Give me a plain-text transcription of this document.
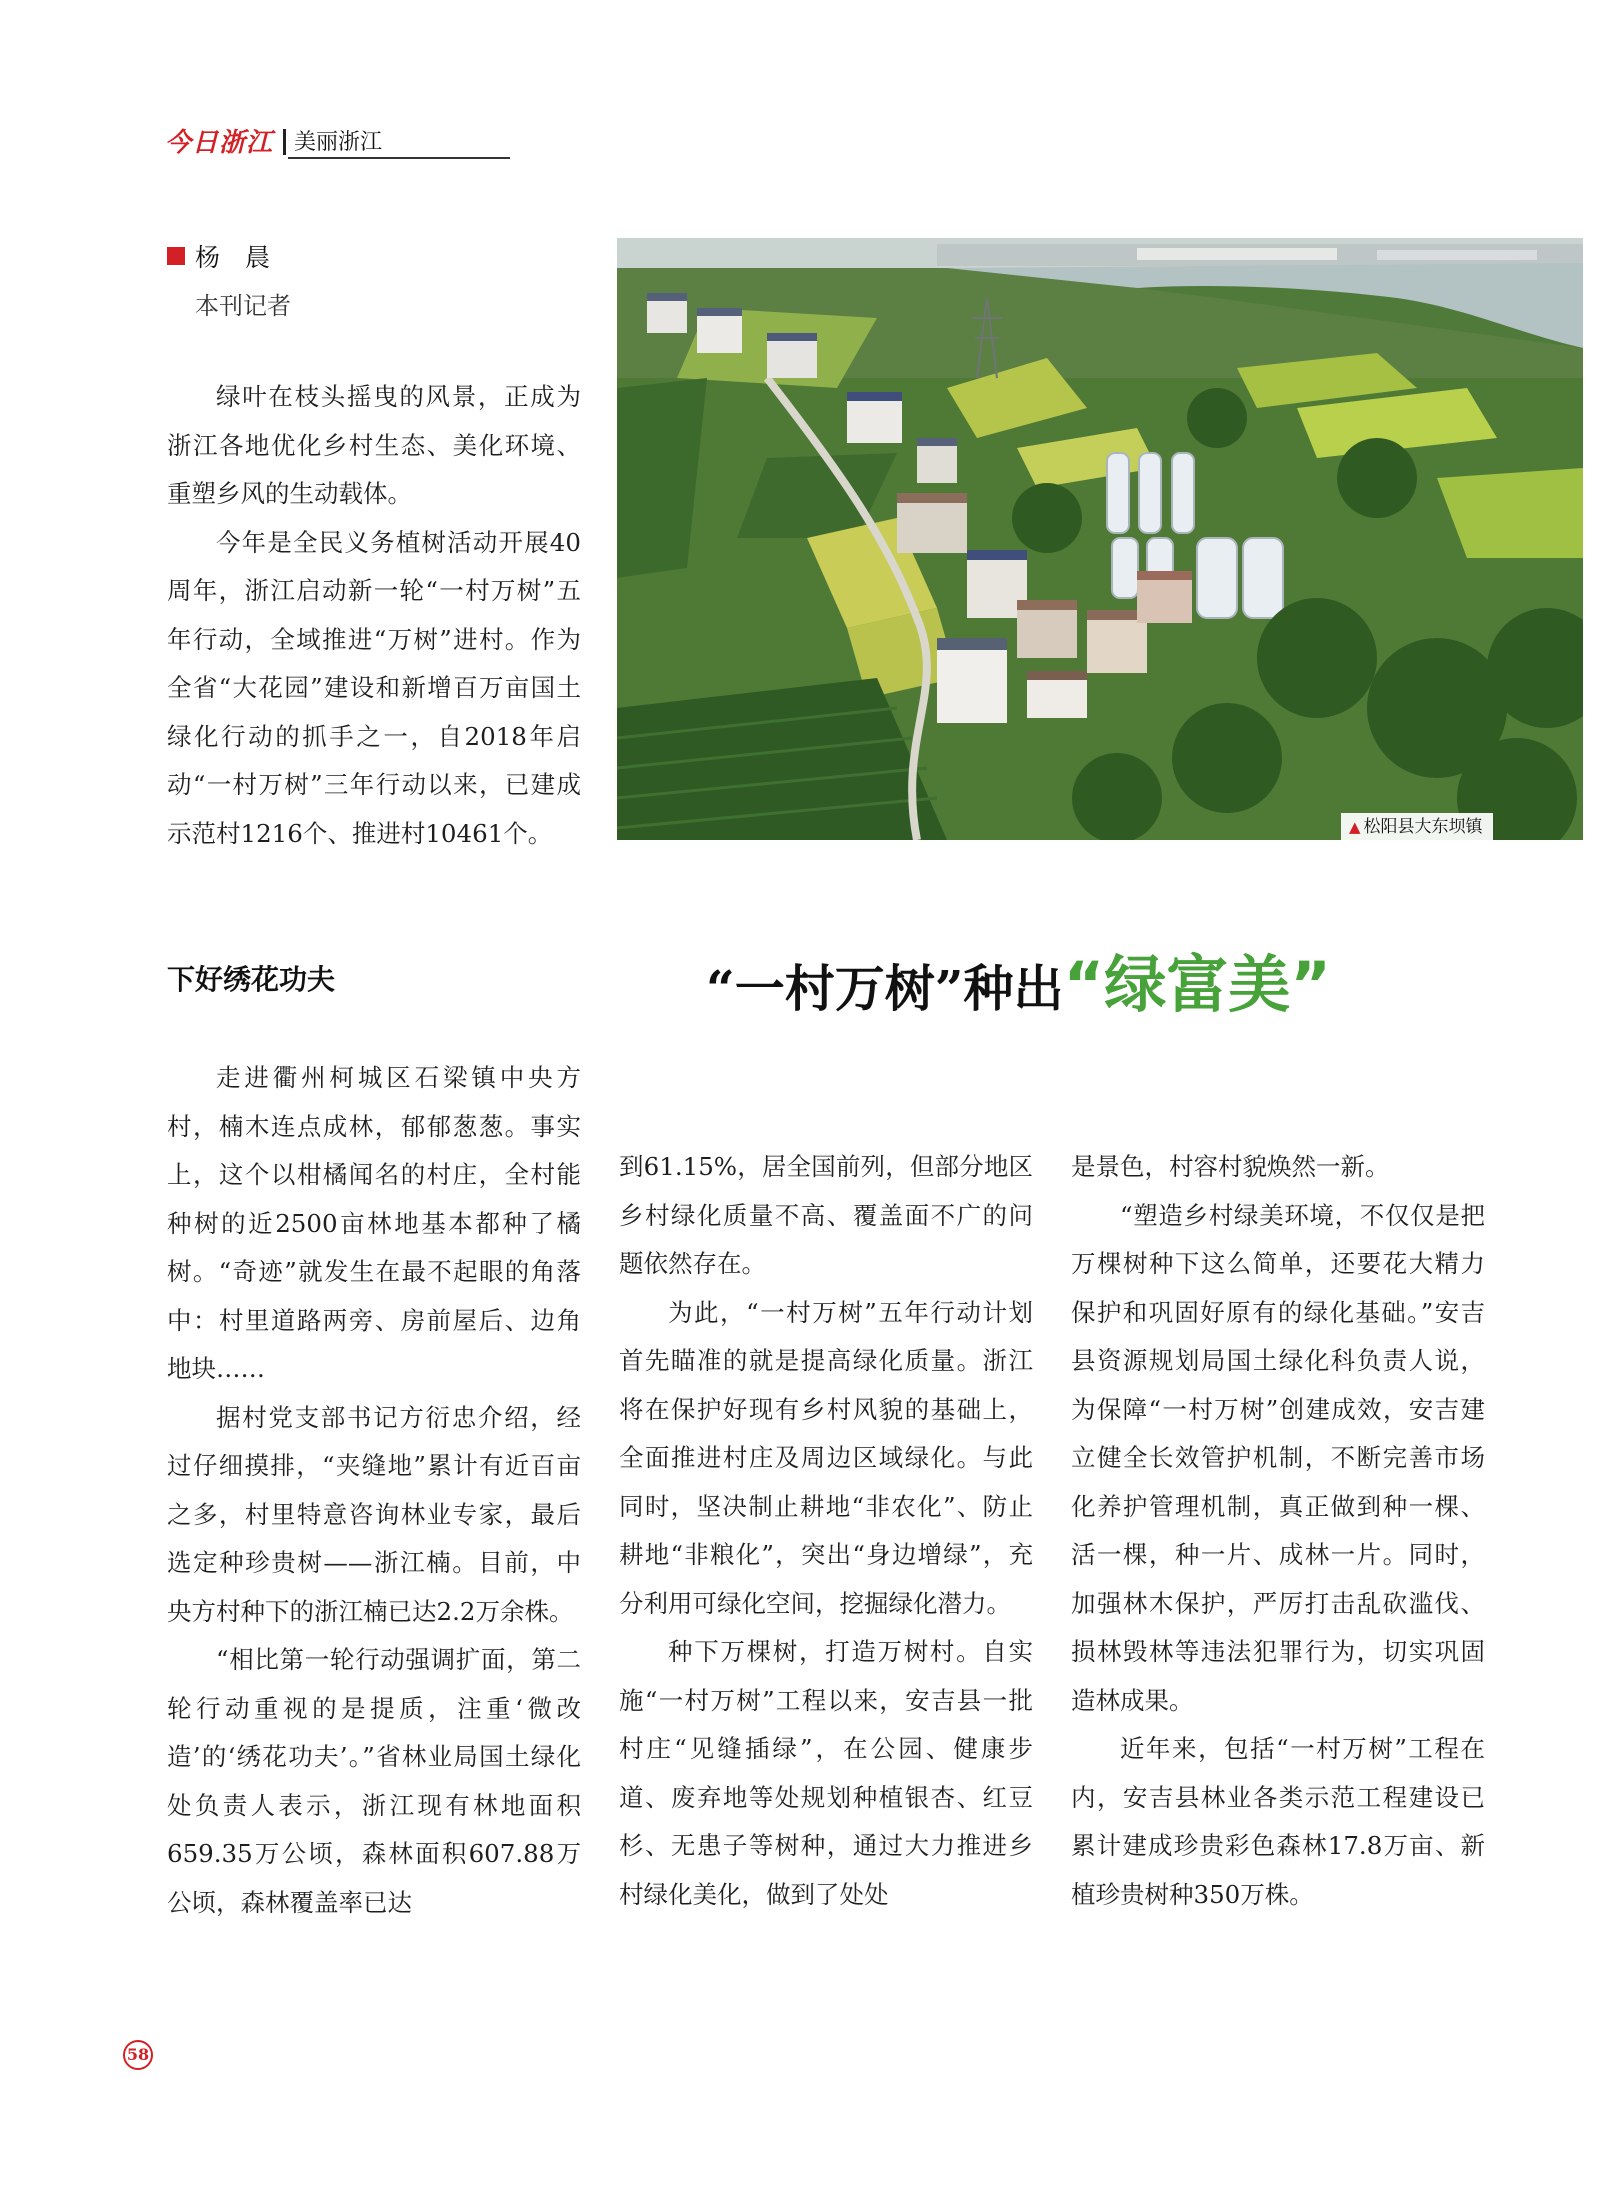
今日浙江 美丽浙江
杨　晨
本刊记者

绿叶在枝头摇曳的风景，正成为浙江各地优化乡村生态、美化环境、重塑乡风的生动载体。

今年是全民义务植树活动开展40周年，浙江启动新一轮“一村万树”五年行动，全域推进“万树”进村。作为全省“大花园”建设和新增百万亩国土绿化行动的抓手之一，自2018年启动“一村万树”三年行动以来，已建成示范村1216个、推进村10461个。	▲ 松阳县大东坝镇
下好绣花功夫	“一村万树”种出“绿富美”

走进衢州柯城区石梁镇中央方村，楠木连点成林，郁郁葱葱。事实上，这个以柑橘闻名的村庄，全村能种树的近2500亩林地基本都种了橘树。“奇迹”就发生在最不起眼的角落中：村里道路两旁、房前屋后、边角地块……

据村党支部书记方衍忠介绍，经过仔细摸排，“夹缝地”累计有近百亩之多，村里特意咨询林业专家，最后选定种珍贵树——浙江楠。目前，中央方村种下的浙江楠已达2.2万余株。

“相比第一轮行动强调扩面，第二轮行动重视的是提质，注重‘微改造’的‘绣花功夫’。”省林业局国土绿化处负责人表示，浙江现有林地面积659.35万公顷，森林面积607.88万公顷，森林覆盖率已达

到61.15%，居全国前列，但部分地区乡村绿化质量不高、覆盖面不广的问题依然存在。

为此，“一村万树”五年行动计划首先瞄准的就是提高绿化质量。浙江将在保护好现有乡村风貌的基础上，全面推进村庄及周边区域绿化。与此同时，坚决制止耕地“非农化”、防止耕地“非粮化”，突出“身边增绿”，充分利用可绿化空间，挖掘绿化潜力。

种下万棵树，打造万树村。自实施“一村万树”工程以来，安吉县一批村庄“见缝插绿”，在公园、健康步道、废弃地等处规划种植银杏、红豆杉、无患子等树种，通过大力推进乡村绿化美化，做到了处处

是景色，村容村貌焕然一新。

“塑造乡村绿美环境，不仅仅是把万棵树种下这么简单，还要花大精力保护和巩固好原有的绿化基础。”安吉县资源规划局国土绿化科负责人说，为保障“一村万树”创建成效，安吉建立健全长效管护机制，不断完善市场化养护管理机制，真正做到种一棵、活一棵，种一片、成林一片。同时，加强林木保护，严厉打击乱砍滥伐、损林毁林等违法犯罪行为，切实巩固造林成果。

近年来，包括“一村万树”工程在内，安吉县林业各类示范工程建设已累计建成珍贵彩色森林17.8万亩、新植珍贵树种350万株。

58
